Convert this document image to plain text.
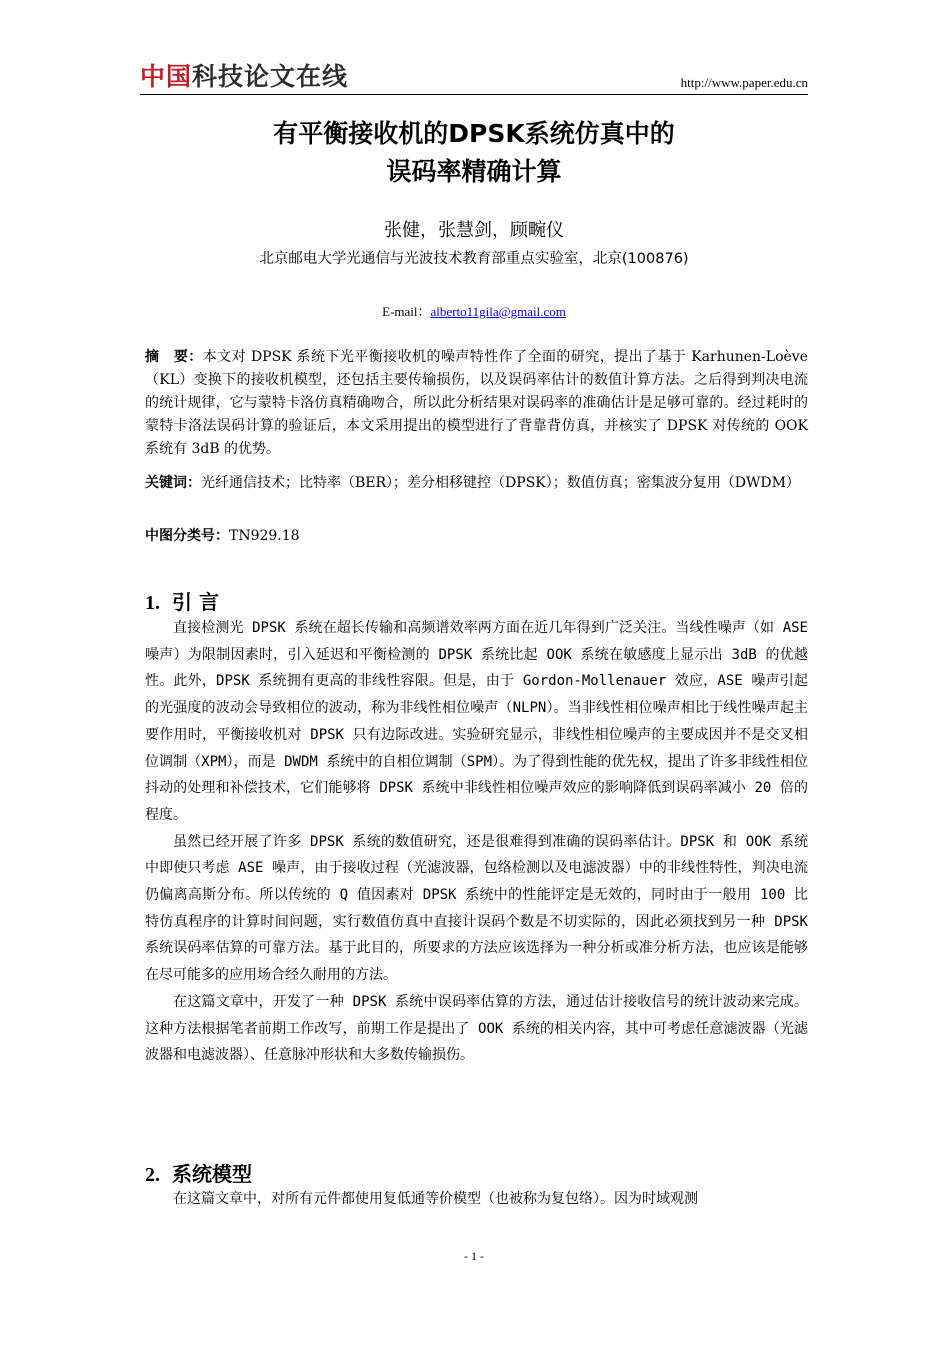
中国科技论文在线	http://www.paper.edu.cn
有平衡接收机的DPSK系统仿真中的
误码率精确计算
张健，张慧剑，顾畹仪
北京邮电大学光通信与光波技术教育部重点实验室，北京(100876)
E-mail：alberto11gila@gmail.com

摘　要：本文对 DPSK 系统下光平衡接收机的噪声特性作了全面的研究，提出了基于 Karhunen-Loève（KL）变换下的接收机模型，还包括主要传输损伤，以及误码率估计的数值计算方法。之后得到判决电流的统计规律，它与蒙特卡洛仿真精确吻合，所以此分析结果对误码率的准确估计是足够可靠的。经过耗时的蒙特卡洛法误码计算的验证后，本文采用提出的模型进行了背靠背仿真，并核实了 DPSK 对传统的 OOK 系统有 3dB 的优势。

关键词：光纤通信技术；比特率（BER）；差分相移键控（DPSK）；数值仿真；密集波分复用（DWDM）

中图分类号：TN929.18

1. 引 言

直接检测光 DPSK 系统在超长传输和高频谱效率两方面在近几年得到广泛关注。当线性噪声（如 ASE 噪声）为限制因素时，引入延迟和平衡检测的 DPSK 系统比起 OOK 系统在敏感度上显示出 3dB 的优越性。此外，DPSK 系统拥有更高的非线性容限。但是，由于 Gordon-Mollenauer 效应，ASE 噪声引起的光强度的波动会导致相位的波动，称为非线性相位噪声（NLPN）。当非线性相位噪声相比于线性噪声起主要作用时，平衡接收机对 DPSK 只有边际改进。实验研究显示，非线性相位噪声的主要成因并不是交叉相位调制（XPM），而是 DWDM 系统中的自相位调制（SPM）。为了得到性能的优先权，提出了许多非线性相位抖动的处理和补偿技术，它们能够将 DPSK 系统中非线性相位噪声效应的影响降低到误码率减小 20 倍的程度。

虽然已经开展了许多 DPSK 系统的数值研究，还是很难得到准确的误码率估计。DPSK 和 OOK 系统中即使只考虑 ASE 噪声，由于接收过程（光滤波器，包络检测以及电滤波器）中的非线性特性，判决电流仍偏离高斯分布。所以传统的 Q 值因素对 DPSK 系统中的性能评定是无效的，同时由于一般用 100 比特仿真程序的计算时间问题，实行数值仿真中直接计误码个数是不切实际的，因此必须找到另一种 DPSK 系统误码率估算的可靠方法。基于此目的，所要求的方法应该选择为一种分析或准分析方法，也应该是能够在尽可能多的应用场合经久耐用的方法。

在这篇文章中，开发了一种 DPSK 系统中误码率估算的方法，通过估计接收信号的统计波动来完成。这种方法根据笔者前期工作改写，前期工作是提出了 OOK 系统的相关内容，其中可考虑任意滤波器（光滤波器和电滤波器）、任意脉冲形状和大多数传输损伤。

2. 系统模型

在这篇文章中，对所有元件都使用复低通等价模型（也被称为复包络）。因为时域观测

- 1 -
